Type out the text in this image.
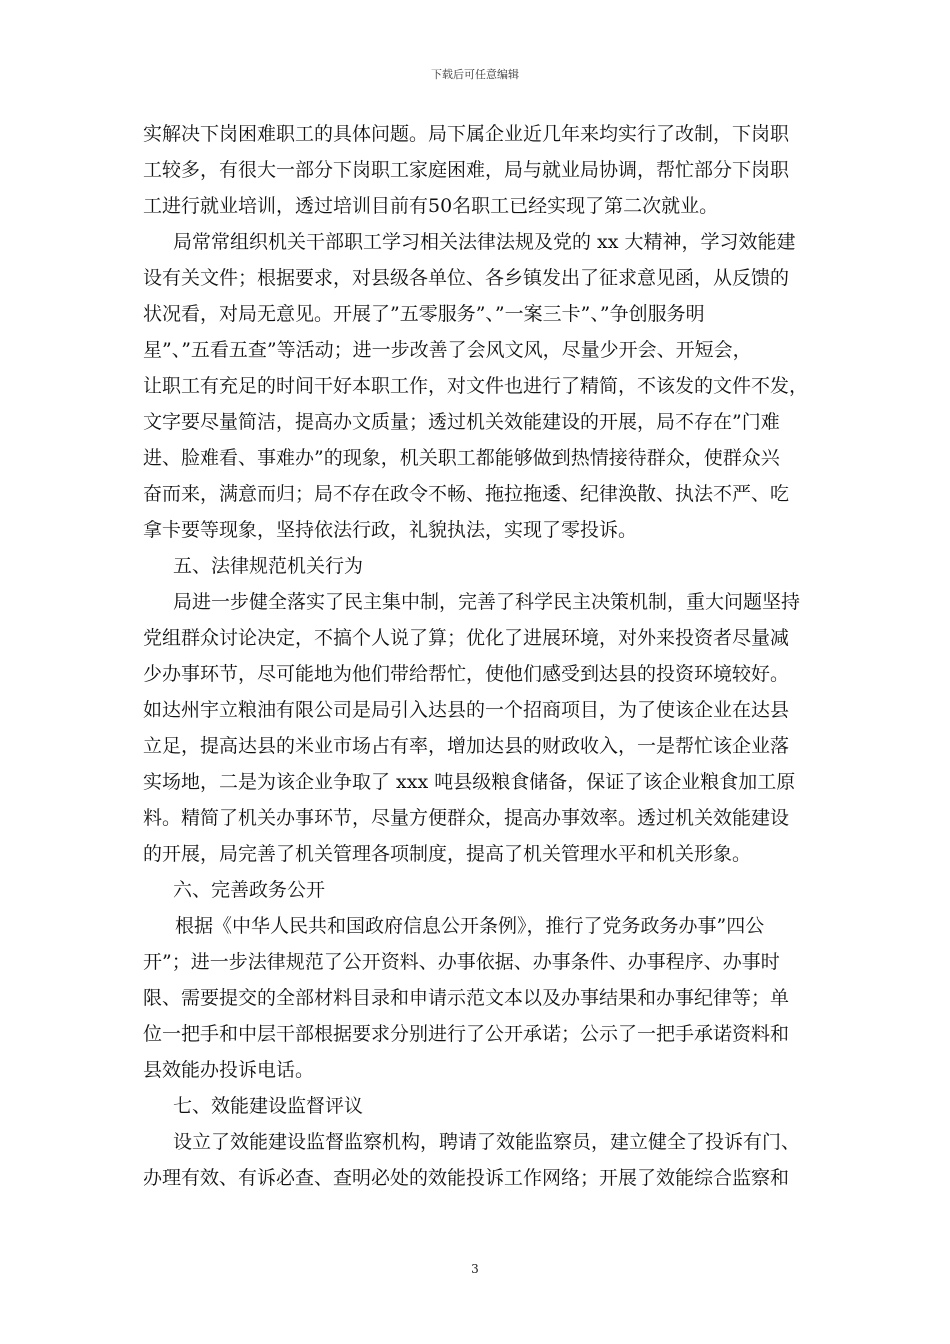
下载后可任意编辑
实解决下岗困难职工的具体问题。局下属企业近几年来均实行了改制，下岗职
工较多，有很大一部分下岗职工家庭困难，局与就业局协调，帮忙部分下岗职
工进行就业培训，透过培训目前有50名职工已经实现了第二次就业。
局常常组织机关干部职工学习相关法律法规及党的 xx 大精神，学习效能建
设有关文件；根据要求，对县级各单位、各乡镇发出了征求意见函，从反馈的
状况看，对局无意见。开展了”五零服务”、”一案三卡”、”争创服务明
星”、”五看五查”等活动；进一步改善了会风文风，尽量少开会、开短会，
让职工有充足的时间干好本职工作，对文件也进行了精简，不该发的文件不发，
文字要尽量简洁，提高办文质量；透过机关效能建设的开展，局不存在”门难
进、脸难看、事难办”的现象，机关职工都能够做到热情接待群众，使群众兴
奋而来，满意而归；局不存在政令不畅、拖拉拖逶、纪律涣散、执法不严、吃
拿卡要等现象，坚持依法行政，礼貌执法，实现了零投诉。
五、法律规范机关行为
局进一步健全落实了民主集中制，完善了科学民主决策机制，重大问题坚持
党组群众讨论决定，不搞个人说了算；优化了进展环境，对外来投资者尽量减
少办事环节，尽可能地为他们带给帮忙，使他们感受到达县的投资环境较好。
如达州宇立粮油有限公司是局引入达县的一个招商项目，为了使该企业在达县
立足，提高达县的米业市场占有率，增加达县的财政收入，一是帮忙该企业落
实场地，二是为该企业争取了 xxx 吨县级粮食储备，保证了该企业粮食加工原
料。精简了机关办事环节，尽量方便群众，提高办事效率。透过机关效能建设
的开展，局完善了机关管理各项制度，提高了机关管理水平和机关形象。
六、完善政务公开
根据《中华人民共和国政府信息公开条例》，推行了党务政务办事”四公
开”；进一步法律规范了公开资料、办事依据、办事条件、办事程序、办事时
限、需要提交的全部材料目录和申请示范文本以及办事结果和办事纪律等；单
位一把手和中层干部根据要求分别进行了公开承诺；公示了一把手承诺资料和
县效能办投诉电话。
七、效能建设监督评议
设立了效能建设监督监察机构，聘请了效能监察员，建立健全了投诉有门、
办理有效、有诉必查、查明必处的效能投诉工作网络；开展了效能综合监察和
3
